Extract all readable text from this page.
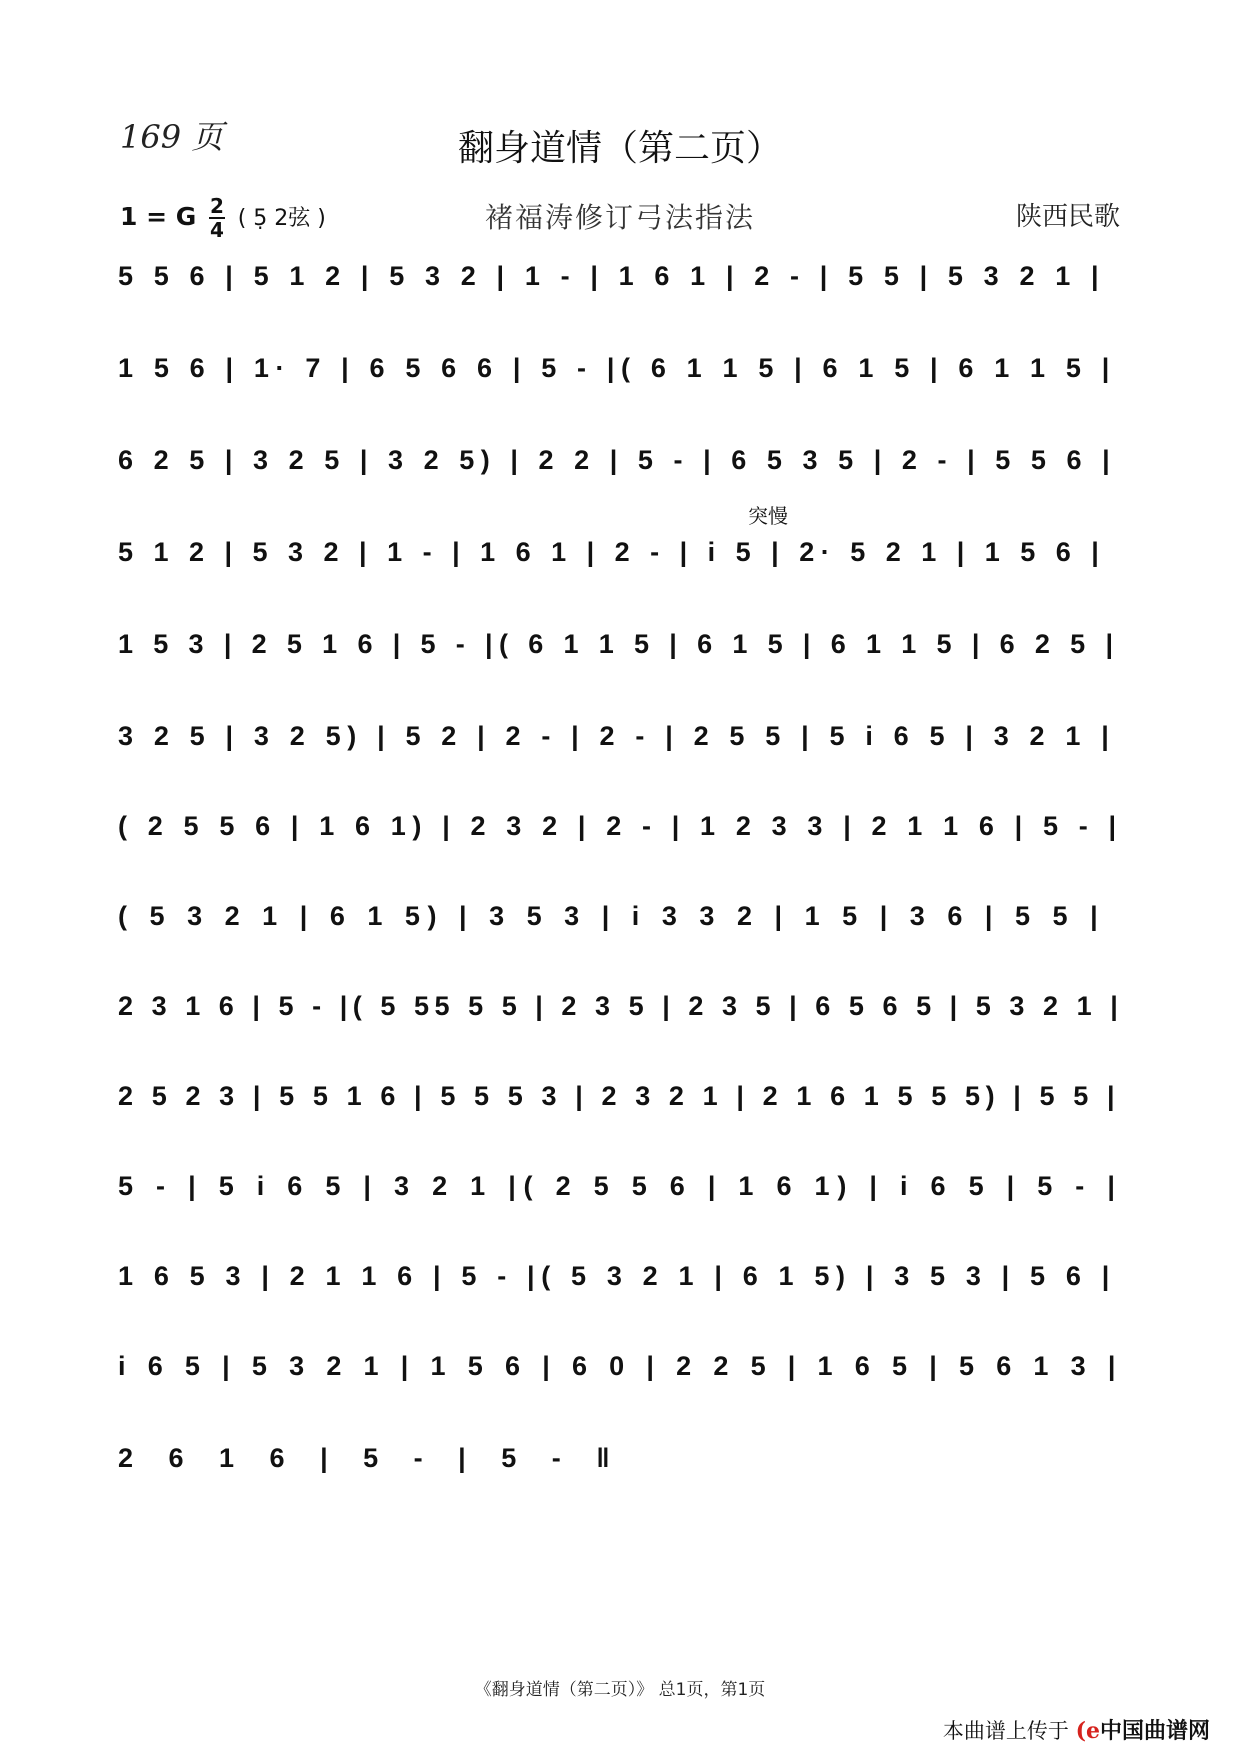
169 页	翻身道情（第二页）
1 = G $\frac{2}{4}$ ( 5̣ 2弦 )	褚福涛修订弓法指法	陕西民歌
突慢
5 5 6 | 5 1 2 | 5 3 2 | 1 - | 1 6 1 | 2 - | 5 5 | 5 3 2 1 |
1 5 6 | 1· 7 | 6 5 6 6 | 5 - |( 6 1 1 5 | 6 1 5 | 6 1 1 5 |
6 2 5 | 3 2 5 | 3 2 5) | 2 2 | 5 - | 6 5 3 5 | 2 - | 5 5 6 |
5 1 2 | 5 3 2 | 1 - | 1 6 1 | 2 - | i 5 | 2· 5 2 1 | 1 5 6 |
1 5 3 | 2 5 1 6 | 5 - |( 6 1 1 5 | 6 1 5 | 6 1 1 5 | 6 2 5 |
3 2 5 | 3 2 5) | 5 2 | 2 - | 2 - | 2 5 5 | 5 i 6 5 | 3 2 1 |
( 2 5 5 6 | 1 6 1) | 2 3 2 | 2 - | 1 2 3 3 | 2 1 1 6 | 5 - |
( 5 3 2 1 | 6 1 5) | 3 5 3 | i 3 3 2 | 1 5 | 3 6 | 5 5 |
2 3 1 6 | 5 - |( 5 55 5 5 | 2 3 5 | 2 3 5 | 6 5 6 5 | 5 3 2 1 |
2 5 2 3 | 5 5 1 6 | 5 5 5 3 | 2 3 2 1 | 2 1 6 1 5 5 5) | 5 5 |
5 - | 5 i 6 5 | 3 2 1 |( 2 5 5 6 | 1 6 1) | i 6 5 | 5 - |
1 6 5 3 | 2 1 1 6 | 5 - |( 5 3 2 1 | 6 1 5) | 3 5 3 | 5 6 |
i 6 5 | 5 3 2 1 | 1 5 6 | 6 0 | 2 2 5 | 1 6 5 | 5 6 1 3 |
2 6 1 6 | 5 - | 5 - ‖
《翻身道情（第二页）》 总1页，第1页
本曲谱上传于 (e中国曲谱网
